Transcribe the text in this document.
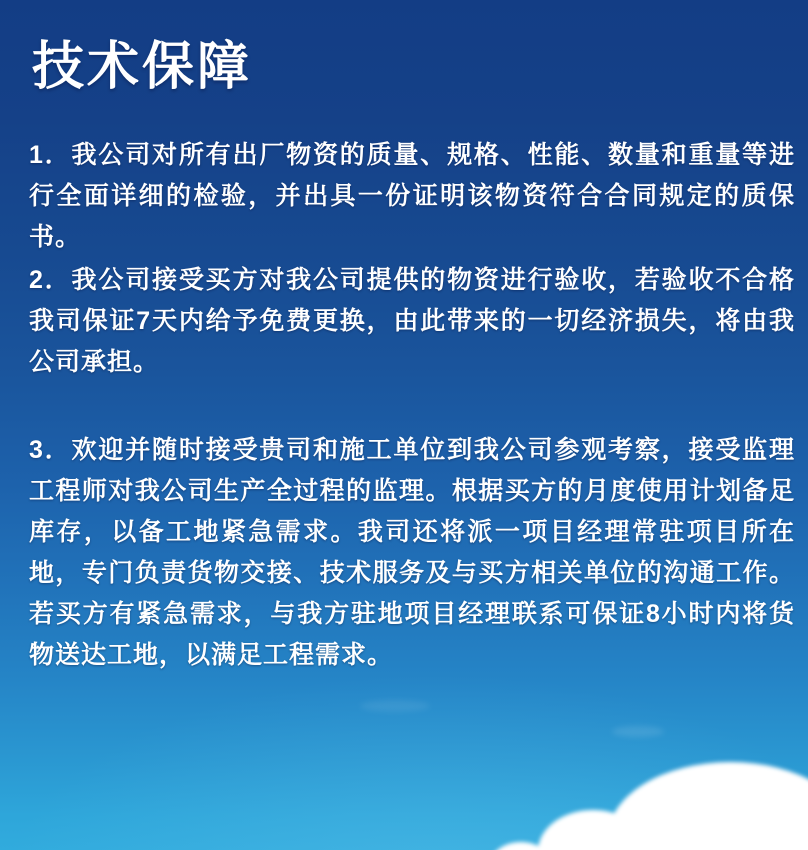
技术保障

1．我公司对所有出厂物资的质量、规格、性能、数量和重量等进行全面详细的检验，并出具一份证明该物资符合合同规定的质保书。

2．我公司接受买方对我公司提供的物资进行验收，若验收不合格我司保证7天内给予免费更换，由此带来的一切经济损失，将由我公司承担。

3．欢迎并随时接受贵司和施工单位到我公司参观考察，接受监理工程师对我公司生产全过程的监理。根据买方的月度使用计划备足库存，以备工地紧急需求。我司还将派一项目经理常驻项目所在地，专门负责货物交接、技术服务及与买方相关单位的沟通工作。若买方有紧急需求，与我方驻地项目经理联系可保证8小时内将货物送达工地，以满足工程需求。
